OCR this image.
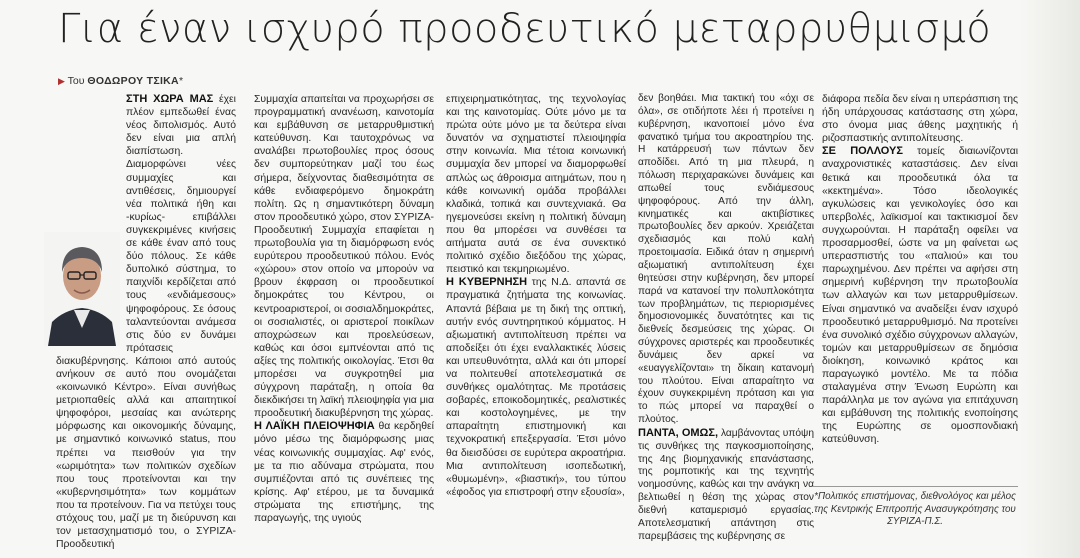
Για έναν ισχυρό προοδευτικό μεταρρυθμισμό
▶ Του ΘΟΔΩΡΟΥ ΤΣΙΚΑ*

ΣΤΗ ΧΩΡΑ ΜΑΣ έχει πλέον εμπεδωθεί ένας νέος διπολισμός. Αυτό δεν είναι μια απλή διαπίστωση. Διαμορφώνει νέες συμμαχίες και αντιθέσεις, δημιουργεί νέα πολιτικά ήθη και -κυρίως- επιβάλλει συγκεκριμένες κινήσεις σε κάθε έναν από τους δύο πόλους. Σε κάθε δυπολικό σύστημα, το παιχνίδι κερδίζεται από τους «ενδιάμεσους» ψηφοφόρους. Σε όσους ταλαντεύονται ανάμεσα στις δύο εν δυνάμει πρότασεις διακυβέρνησης. Κάποιοι από αυτούς ανήκουν σε αυτό που ονομάζεται «κοινωνικό Κέντρο». Είναι συνήθως μετριοπαθείς αλλά και απαιτητικοί ψηφοφόροι, μεσαίας και ανώτερης μόρφωσης και οικονομικής δύναμης, με σημαντικό κοινωνικό status, που πρέπει να πεισθούν για την «ωριμότητα» των πολιτικών σχεδίων που τους προτείνονται και την «κυβερνησιμότητα» των κομμάτων που τα προτείνουν. Για να πετύχει τους στόχους του, μαζί με τη διεύρυνση και τον μετασχηματισμό του, ο ΣΥΡΙΖΑ-Προοδευτική

Συμμαχία απαιτείται να προχωρήσει σε προγραμματική ανανέωση, καινοτομία και εμβάθυνση σε μεταρρυθμιστική κατεύθυνση. Και ταυτοχρόνως να αναλάβει πρωτοβουλίες προς όσους δεν συμπορεύτηκαν μαζί του έως σήμερα, δείχνοντας διαθεσιμότητα σε κάθε ενδιαφερόμενο δημοκράτη πολίτη. Ως η σημαντικότερη δύναμη στον προοδευτικό χώρο, στον ΣΥΡΙΖΑ-Προοδευτική Συμμαχία επαφίεται η πρωτοβουλία για τη διαμόρφωση ενός ευρύτερου προοδευτικού πόλου. Ενός «χώρου» στον οποίο να μπορούν να βρουν έκφραση οι προοδευτικοί δημοκράτες του Κέντρου, οι κεντροαριστεροί, οι σοσιαλδημοκράτες, οι σοσιαλιστές, οι αριστεροί ποικίλων αποχρώσεων και προελεύσεων, καθώς και όσοι εμπνέονται από τις αξίες της πολιτικής οικολογίας. Έτσι θα μπορέσει να συγκροτηθεί μια σύγχρονη παράταξη, η οποία θα διεκδικήσει τη λαϊκή πλειοψηφία για μια προοδευτική διακυβέρνηση της χώρας.

Η ΛΑΪΚΗ ΠΛΕΙΟΨΗΦΙΑ θα κερδηθεί μόνο μέσω της διαμόρφωσης μιας νέας κοινωνικής συμμαχίας. Αφ' ενός, με τα πιο αδύναμα στρώματα, που συμπιέζονται από τις συνέπειες της κρίσης. Αφ' ετέρου, με τα δυναμικά στρώματα της επιστήμης, της παραγωγής, της υγιούς

επιχειρηματικότητας, της τεχνολογίας και της καινοτομίας. Ούτε μόνο με τα πρώτα ούτε μόνο με τα δεύτερα είναι δυνατόν να σχηματιστεί πλειοψηφία στην κοινωνία. Μια τέτοια κοινωνική συμμαχία δεν μπορεί να διαμορφωθεί απλώς ως άθροισμα αιτημάτων, που η κάθε κοινωνική ομάδα προβάλλει κλαδικά, τοπικά και συντεχνιακά. Θα ηγεμονεύσει εκείνη η πολιτική δύναμη που θα μπορέσει να συνθέσει τα αιτήματα αυτά σε ένα συνεκτικό πολιτικό σχέδιο διεξόδου της χώρας, πειστικό και τεκμηριωμένο.

Η ΚΥΒΕΡΝΗΣΗ της Ν.Δ. απαντά σε πραγματικά ζητήματα της κοινωνίας. Απαντά βέβαια με τη δική της οπτική, αυτήν ενός συντηρητικού κόμματος. Η αξιωματική αντιπολίτευση πρέπει να αποδείξει ότι έχει εναλλακτικές λύσεις και υπευθυνότητα, αλλά και ότι μπορεί να πολιτευθεί αποτελεσματικά σε συνθήκες ομαλότητας. Με προτάσεις σοβαρές, εποικοδομητικές, ρεαλιστικές και κοστολογημένες, με την απαραίτητη επιστημονική και τεχνοκρατική επεξεργασία. Έτσι μόνο θα διεισδύσει σε ευρύτερα ακροατήρια. Μια αντιπολίτευση ισοπεδωτική, «θυμωμένη», «βιαστική», του τύπου «έφοδος για επιστροφή στην εξουσία»,

δεν βοηθάει. Μια τακτική του «όχι σε όλα», σε οτιδήποτε λέει ή προτείνει η κυβέρνηση, ικανοποιεί μόνο ένα φανατικό τμήμα του ακροατηρίου της. Η κατάρρευσή των πάντων δεν αποδίδει. Από τη μια πλευρά, η πόλωση περιχαρακώνει δυνάμεις και απωθεί τους ενδιάμεσους ψηφοφόρους. Από την άλλη, κινηματικές και ακτιβίστικες πρωτοβουλίες δεν αρκούν. Χρειάζεται σχεδιασμός και πολύ καλή προετοιμασία. Ειδικά όταν η σημερινή αξιωματική αντιπολίτευση έχει θητεύσει στην κυβέρνηση, δεν μπορεί παρά να κατανοεί την πολυπλοκότητα των προβλημάτων, τις περιορισμένες δημοσιονομικές δυνατότητες και τις διεθνείς δεσμεύσεις της χώρας. Οι σύγχρονες αριστερές και προοδευτικές δυνάμεις δεν αρκεί να «ευαγγελίζονται» τη δίκαιη κατανομή του πλούτου. Είναι απαραίτητο να έχουν συγκεκριμένη πρόταση και για το πώς μπορεί να παραχθεί ο πλούτος.

ΠΑΝΤΑ, ΟΜΩΣ, λαμβάνοντας υπόψη τις συνθήκες της παγκοσμιοποίησης, της 4ης βιομηχανικής επανάστασης, της ρομποτικής και της τεχνητής νοημοσύνης, καθώς και την ανάγκη να βελτιωθεί η θέση της χώρας στον διεθνή καταμερισμό εργασίας. Αποτελεσματική απάντηση στις παρεμβάσεις της κυβέρνησης σε

διάφορα πεδία δεν είναι η υπεράσπιση της ήδη υπάρχουσας κατάστασης στη χώρα, στο όνομα μιας άθεης μαχητικής ή ριζοσπαστικής αντιπολίτευσης.

ΣΕ ΠΟΛΛΟΥΣ τομείς διαιωνίζονται αναχρονιστικές καταστάσεις. Δεν είναι θετικά και προοδευτικά όλα τα «κεκτημένα». Τόσο ιδεολογικές αγκυλώσεις και γενικολογίες όσο και υπερβολές, λαϊκισμοί και τακτικισμοί δεν συγχωρούνται. Η παράταξη οφείλει να προσαρμοσθεί, ώστε να μη φαίνεται ως υπερασπιστής του «παλιού» και του παρωχημένου. Δεν πρέπει να αφήσει στη σημερινή κυβέρνηση την πρωτοβουλία των αλλαγών και των μεταρρυθμίσεων. Είναι σημαντικό να αναδείξει έναν ισχυρό προοδευτικό μεταρρυθμισμό. Να προτείνει ένα συνολικό σχέδιο σύγχρονων αλλαγών, τομών και μεταρρυθμίσεων σε δημόσια διοίκηση, κοινωνικό κράτος και παραγωγικό μοντέλο. Με τα πόδια σταλαγμένα στην Ένωση Ευρώπη και παράλληλα με τον αγώνα για επιτάχυνση και εμβάθυνση της πολιτικής ενοποίησης της Ευρώπης σε ομοσπονδιακή κατεύθυνση.

*Πολιτικός επιστήμονας, διεθνολόγος και μέλος της Κεντρικής Επιτροπής Ανασυγκρότησης του ΣΥΡΙΖΑ-Π.Σ.
